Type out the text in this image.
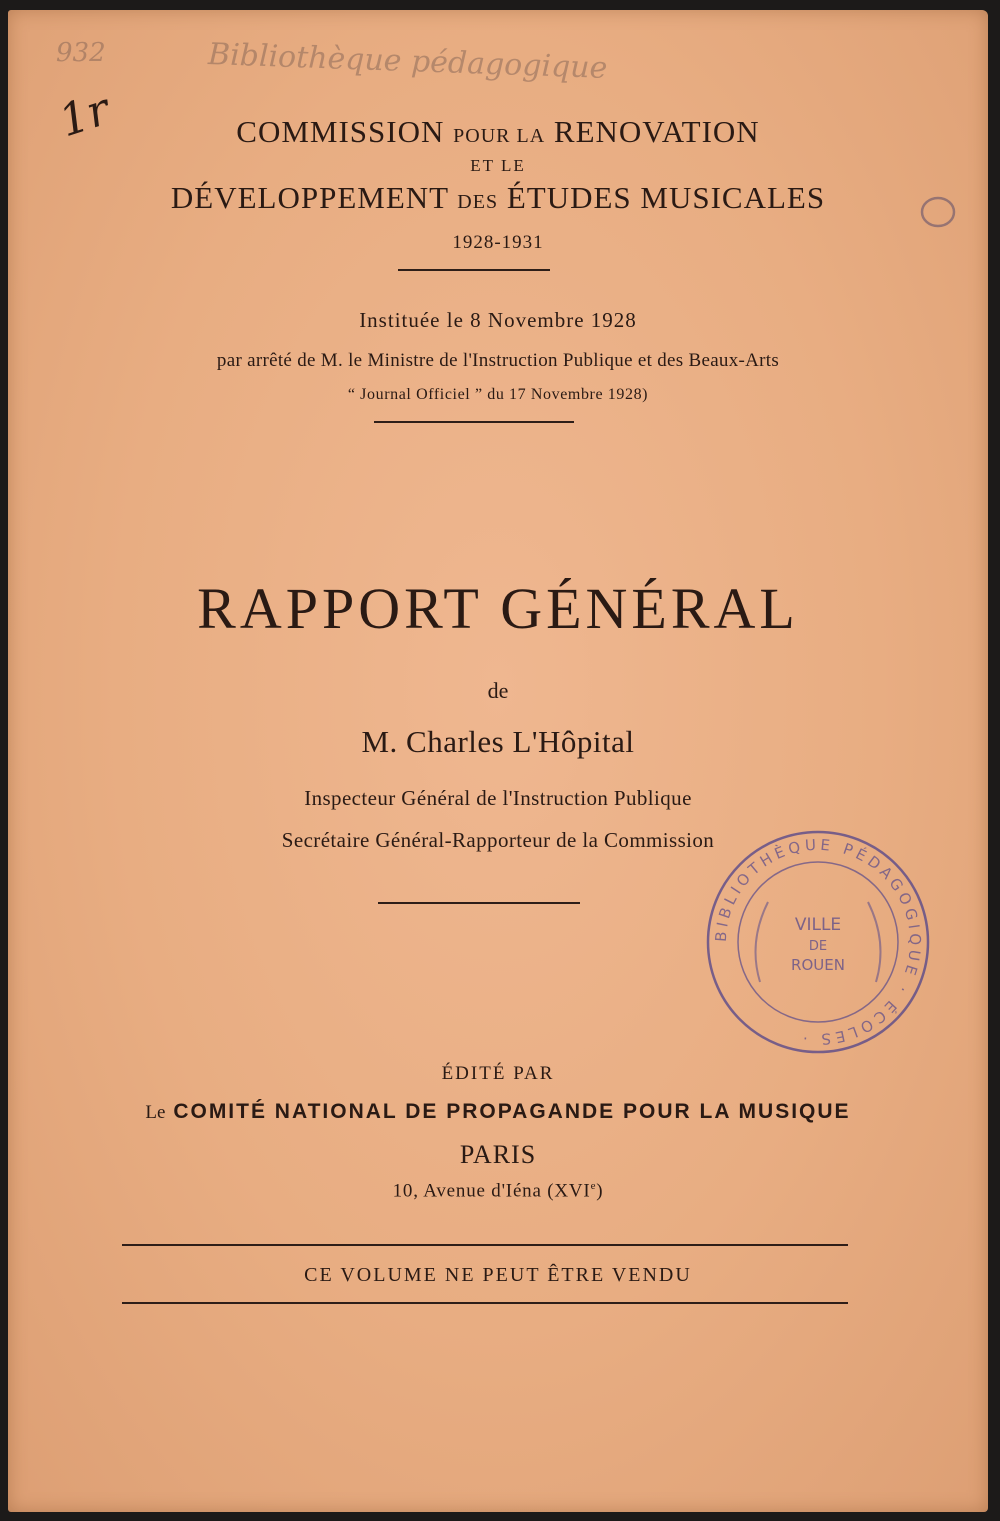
932	Bibliothèque pédagogique
1r	COMMISSION POUR LA RENOVATION
ET LE
DÉVELOPPEMENT DES ÉTUDES MUSICALES
1928-1931
Instituée le 8 Novembre 1928
par arrêté de M. le Ministre de l'Instruction Publique et des Beaux-Arts
“ Journal Officiel ” du 17 Novembre 1928)
RAPPORT GÉNÉRAL
de
M. Charles L'Hôpital
Inspecteur Général de l'Instruction Publique
Secrétaire Général-Rapporteur de la Commission
ÉDITÉ PAR
Le COMITÉ NATIONAL DE PROPAGANDE POUR LA MUSIQUE
PARIS
10, Avenue d'Iéna (XVIe)
CE VOLUME NE PEUT ÊTRE VENDU
BIBLIOTHÈQUE PÉDAGOGIQUE · ÉCOLES ·
VILLE
DE
ROUEN
